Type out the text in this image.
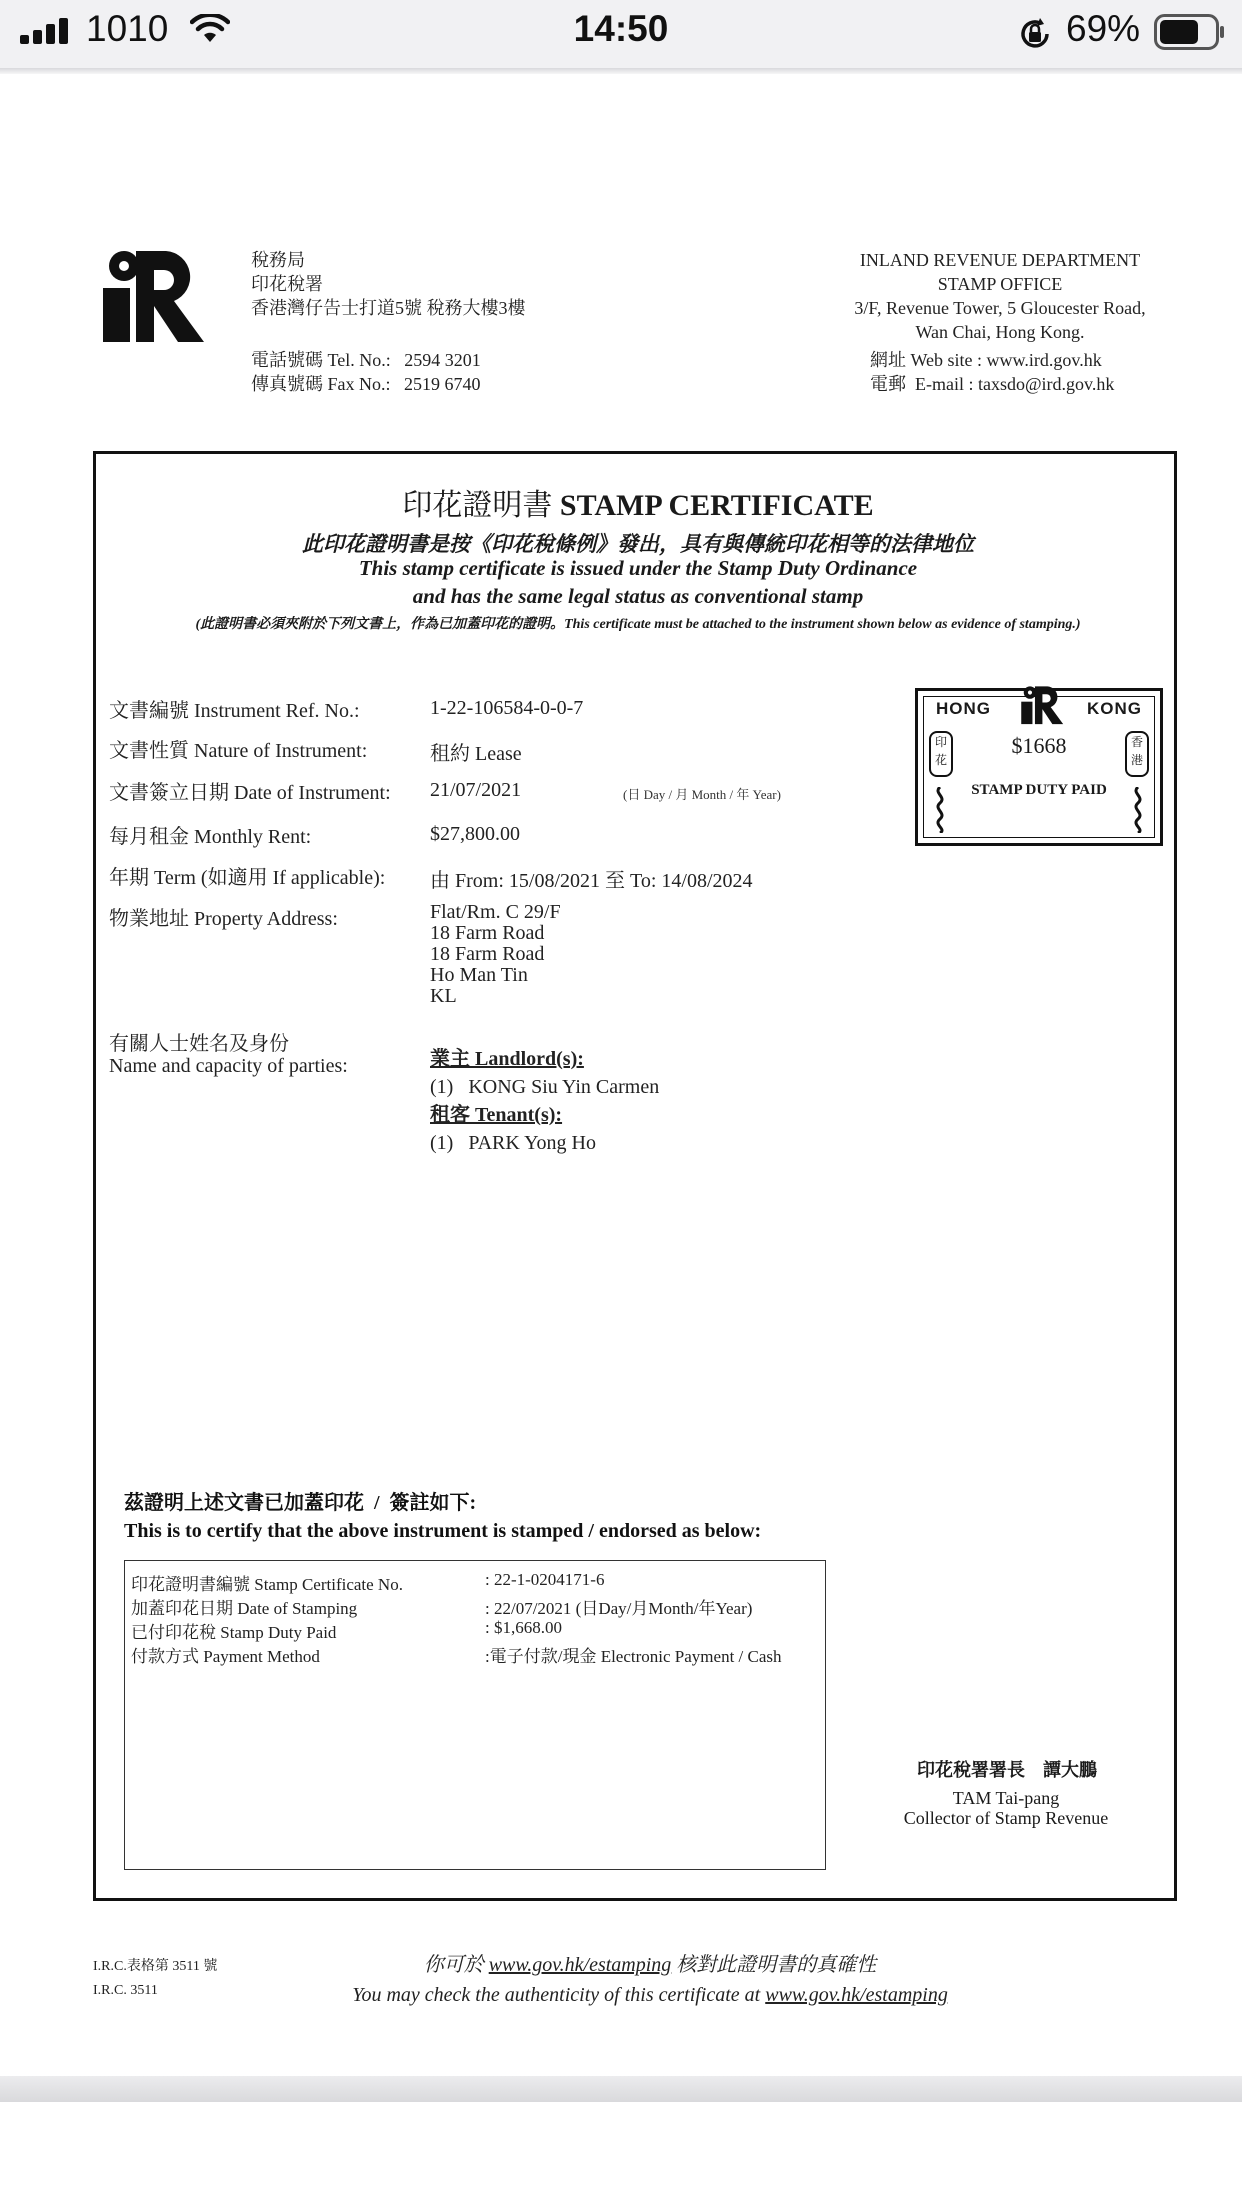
1010	14:50	69%
稅務局
印花稅署
香港灣仔告士打道5號 稅務大樓3樓
電話號碼 Tel. No.:   2594 3201
傳真號碼 Fax No.:   2519 6740
INLAND REVENUE DEPARTMENT
STAMP OFFICE
3/F, Revenue Tower, 5 Gloucester Road,
Wan Chai, Hong Kong.
網址 Web site : www.ird.gov.hk
電郵  E-mail : taxsdo@ird.gov.hk
印花證明書 STAMP CERTIFICATE
此印花證明書是按《印花稅條例》發出，具有與傳統印花相等的法律地位
This stamp certificate is issued under the Stamp Duty Ordinance
and has the same legal status as conventional stamp
(此證明書必須夾附於下列文書上，作為已加蓋印花的證明。This certificate must be attached to the instrument shown below as evidence of stamping.)
文書編號 Instrument Ref. No.:	1-22-106584-0-0-7
文書性質 Nature of Instrument:	租約 Lease
文書簽立日期 Date of Instrument: 21/07/2021	(日 Day / 月 Month / 年 Year)
每月租金 Monthly Rent:	$27,800.00
年期 Term (如適用 If applicable): 由 From: 15/08/2021 至 To: 14/08/2024
物業地址 Property Address:	Flat/Rm. C 29/F
18 Farm Road
18 Farm Road
Ho Man Tin
KL
有關人士姓名及身份
Name and capacity of parties:	業主 Landlord(s):
(1)   KONG Siu Yin Carmen
租客 Tenant(s):
(1)   PARK Yong Ho
HONG	KONG
$1668
STAMP DUTY PAID
印花
香港
茲證明上述文書已加蓋印花  /  簽註如下:
This is to certify that the above instrument is stamped / endorsed as below:
印花證明書編號 Stamp Certificate No.	: 22-1-0204171-6
加蓋印花日期 Date of Stamping	: 22/07/2021 (日Day/月Month/年Year)
已付印花稅 Stamp Duty Paid	: $1,668.00
付款方式 Payment Method	:電子付款/現金 Electronic Payment / Cash
印花稅署署長    譚大鵬
TAM Tai-pang
Collector of Stamp Revenue
I.R.C.表格第 3511 號
I.R.C. 3511
你可於 www.gov.hk/estamping 核對此證明書的真確性
You may check the authenticity of this certificate at www.gov.hk/estamping
